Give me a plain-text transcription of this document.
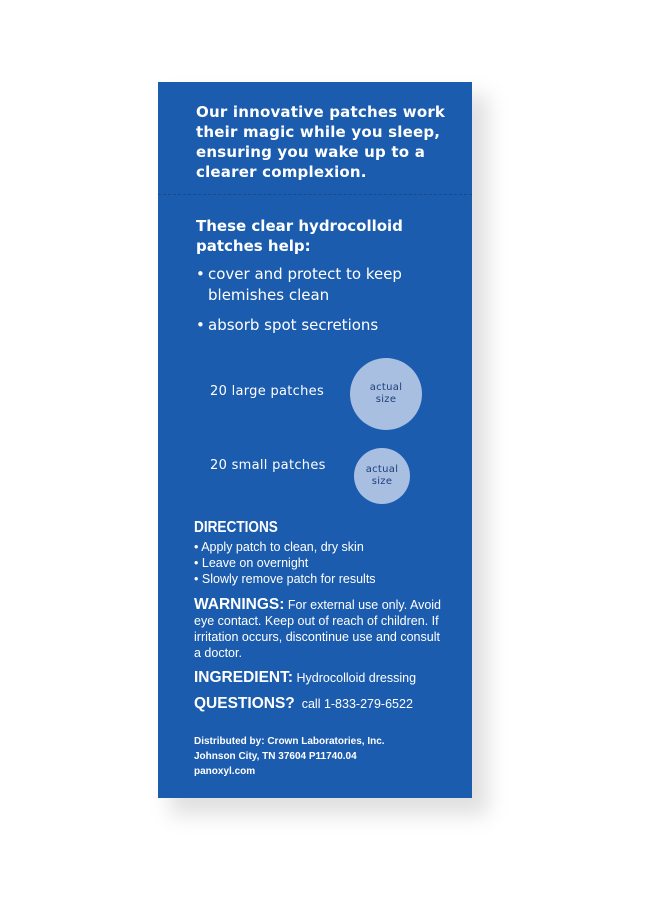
Our innovative patches work their magic while you sleep, ensuring you wake up to a clearer complexion.
These clear hydrocolloid patches help:
• cover and protect to keep blemishes clean
• absorb spot secretions
20 large patches	actual
size
20 small patches	actual
size
DIRECTIONS
• Apply patch to clean, dry skin
• Leave on overnight
• Slowly remove patch for results
WARNINGS: For external use only. Avoid eye contact. Keep out of reach of children. If irritation occurs, discontinue use and consult a doctor.
INGREDIENT: Hydrocolloid dressing
QUESTIONS? call 1-833-279-6522
Distributed by: Crown Laboratories, Inc.
Johnson City, TN 37604 P11740.04
panoxyl.com
